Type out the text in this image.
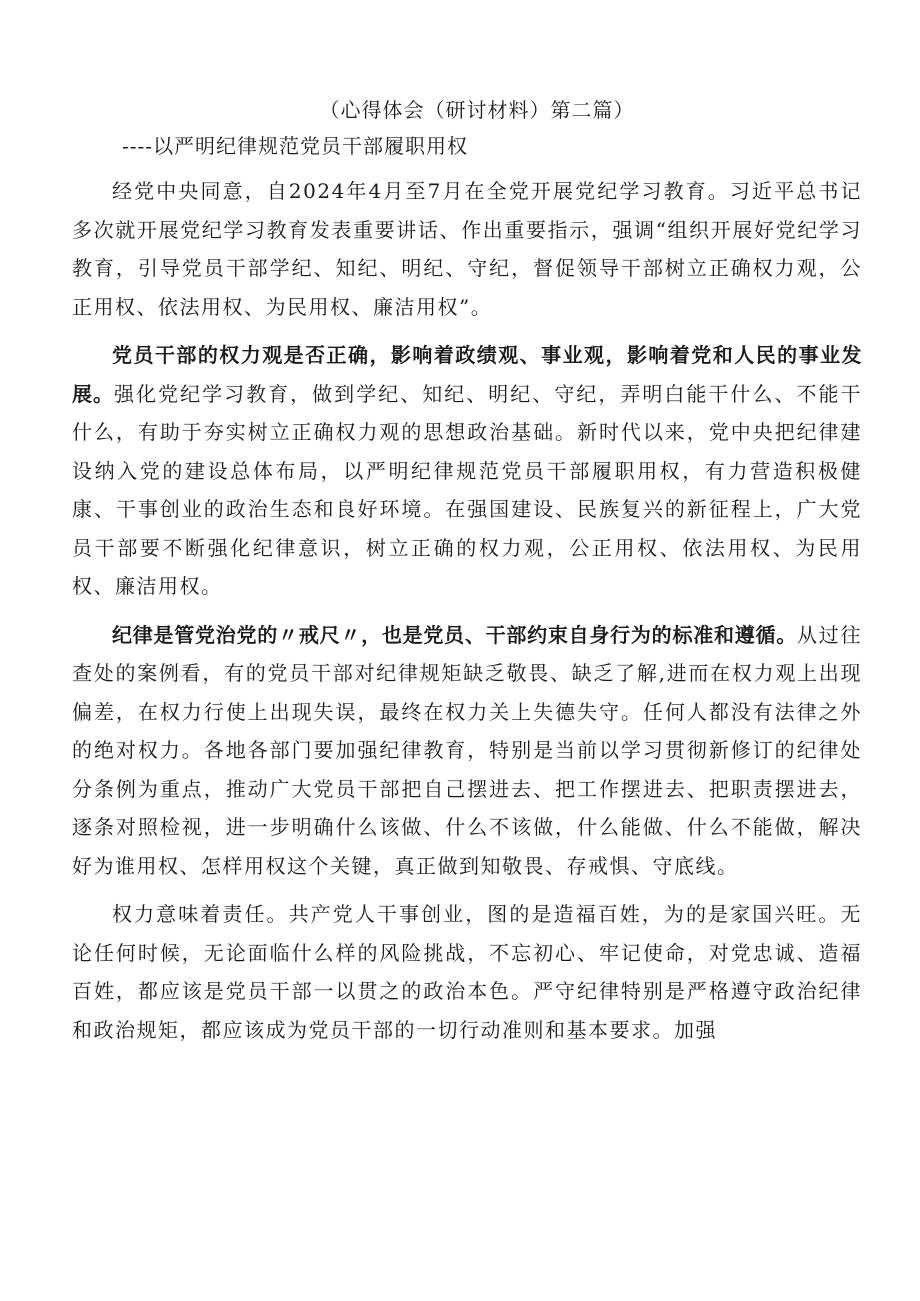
（心得体会（研讨材料）第二篇）
----以严明纪律规范党员干部履职用权

经党中央同意，自2024年4月至7月在全党开展党纪学习教育。习近平总书记多次就开展党纪学习教育发表重要讲话、作出重要指示，强调“组织开展好党纪学习教育，引导党员干部学纪、知纪、明纪、守纪，督促领导干部树立正确权力观，公正用权、依法用权、为民用权、廉洁用权”。

党员干部的权力观是否正确，影响着政绩观、事业观，影响着党和人民的事业发展。强化党纪学习教育，做到学纪、知纪、明纪、守纪，弄明白能干什么、不能干什么，有助于夯实树立正确权力观的思想政治基础。新时代以来，党中央把纪律建设纳入党的建设总体布局，以严明纪律规范党员干部履职用权，有力营造积极健康、干事创业的政治生态和良好环境。在强国建设、民族复兴的新征程上，广大党员干部要不断强化纪律意识，树立正确的权力观，公正用权、依法用权、为民用权、廉洁用权。

纪律是管党治党的〃戒尺〃，也是党员、干部约束自身行为的标准和遵循。从过往查处的案例看，有的党员干部对纪律规矩缺乏敬畏、缺乏了解,进而在权力观上出现偏差，在权力行使上出现失误，最终在权力关上失德失守。任何人都没有法律之外的绝对权力。各地各部门要加强纪律教育，特别是当前以学习贯彻新修订的纪律处分条例为重点，推动广大党员干部把自己摆进去、把工作摆进去、把职责摆进去，逐条对照检视，进一步明确什么该做、什么不该做，什么能做、什么不能做，解决好为谁用权、怎样用权这个关键，真正做到知敬畏、存戒惧、守底线。

权力意味着责任。共产党人干事创业，图的是造福百姓，为的是家国兴旺。无论任何时候，无论面临什么样的风险挑战，不忘初心、牢记使命，对党忠诚、造福百姓，都应该是党员干部一以贯之的政治本色。严守纪律特别是严格遵守政治纪律和政治规矩，都应该成为党员干部的一切行动准则和基本要求。加强
